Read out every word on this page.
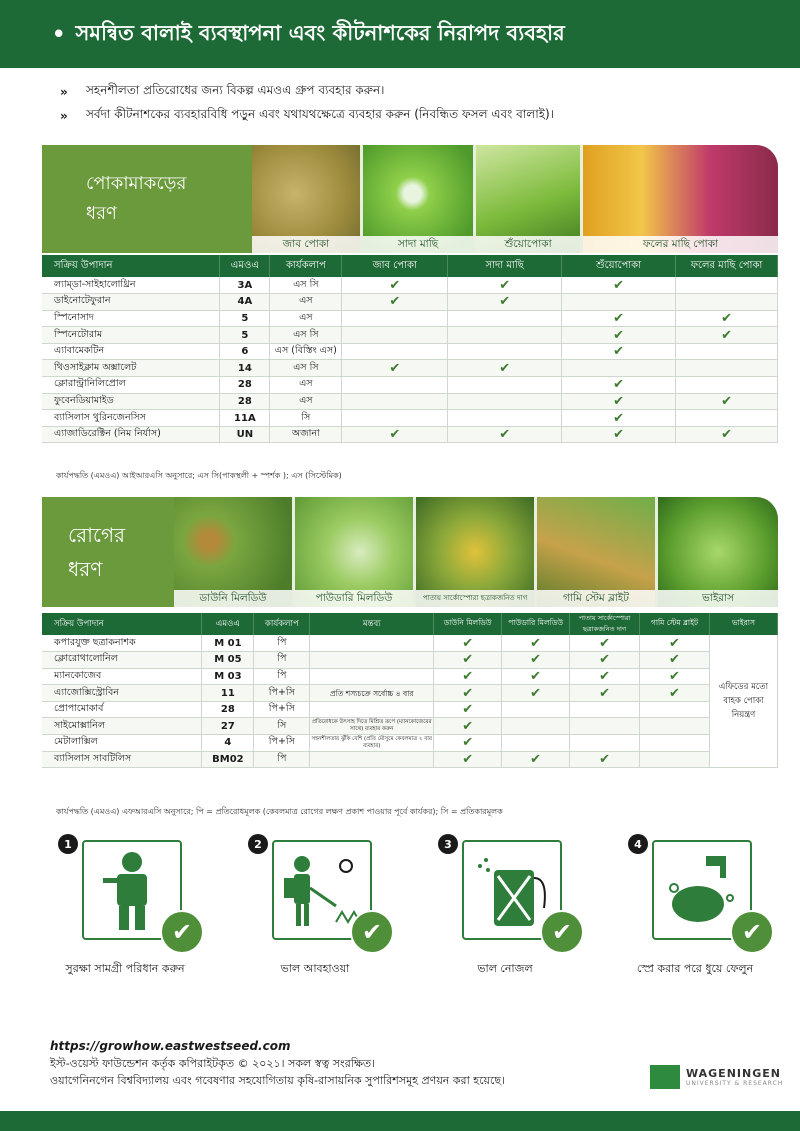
• সমন্বিত বালাই ব্যবস্থাপনা এবং কীটনাশকের নিরাপদ ব্যবহার
»	সহনশীলতা প্রতিরোধের জন্য বিকল্প এমওএ গ্রুপ ব্যবহার করুন।
»	সর্বদা কীটনাশকের ব্যবহারবিধি পড়ুন এবং যথাযথক্ষেত্রে ব্যবহার করুন (নিবন্ধিত ফসল এবং বালাই)।
পোকামাকড়ের
ধরণ
জাব পোকা	সাদা মাছি	শুঁয়োপোকা	ফলের মাছি পোকা
সক্রিয় উপাদান	এমওএ	কার্যকলাপ	জাব পোকা	সাদা মাছি	শুঁয়োপোকা	ফলের মাছি পোকা
ল্যাম্ডা-সাইহালোথ্রিন	3A	এস সি	✔	✔	✔	
ডাইনোটেফুরান	4A	এস	✔	✔		
স্পিনোসাদ	5	এস			✔	✔
স্পিনেটোরাম	5	এস সি			✔	✔
এ্যাবামেকটিন	6	এস (বিস্তিং এস)			✔	
থিওসাইক্লাম অক্সালেট	14	এস সি	✔	✔		
ক্লোরান্ট্রানিলিপ্রোল	28	এস			✔	
ফুবেনডিয়ামাইড	28	এস			✔	✔
ব্যাসিলাস থুরিনজেনসিস	11A	সি			✔	
এ্যাজাডিরেক্টিন (নিম নির্যাস)	UN	অজানা	✔	✔	✔	✔
কার্যপদ্ধতি (এমওএ) আইআরএসি অনুসারে; এস সি(পাকস্থলী + স্পর্শক ); এস (সিস্টেমিক)
রোগের
ধরণ
ডাউনি মিলডিউ	পাউডারি মিলডিউ	পাতায় সার্কোস্পোরা ছত্রাকজনিত দাগ	গামি স্টেম ব্লাইট	ভাইরাস
সক্রিয় উপাদান	এমওএ	কার্যকলাপ	মন্তব্য	ডাউনি মিলডিউ	পাউডারি মিলডিউ	পাতায় সার্কোস্পোরা ছত্রাকজনিত দাগ	গামি স্টেম ব্লাইট	ভাইরাস
কপারযুক্ত ছত্রাকনাশক	M 01	পি		✔	✔	✔	✔	এফিডের মতো বাহক পোকা নিয়ন্ত্রণ
ক্লোরোথালোনিল	M 05	পি		✔	✔	✔	✔	
ম্যানকোজেব	M 03	পি		✔	✔	✔	✔	
এ্যাজোক্সিস্ট্রোবিন	11	পি+সি	প্রতি শস্যচক্রে সর্বোচ্চ ৪ বার	✔	✔	✔	✔	
প্রোপামোকার্ব	28	পি+সি		✔				
সাইমোক্সানিল	27	সি	প্রতিরোধকে উৎসাহ দিতে মিশ্রিত রূপে (ম্যানকোজেবের সাথে) ব্যবহার করুন	✔				
মেটালাক্সিল	4	পি+সি	সহনশীলতার ঝুঁকি বেশি (প্রতি মৌসুমে কেবলমাত্র ২ বার ব্যবহার)	✔				
ব্যাসিলাস সাবটিলিস	BM02	পি		✔	✔	✔		
কার্যপদ্ধতি (এমওএ) এফআরএসি অনুসারে; পি = প্রতিরোধমূলক (কেবলমাত্র রোগের লক্ষণ প্রকাশ পাওয়ার পূর্বে কার্যকর); সি = প্রতিকারমূলক
1
✔
সুরক্ষা সামগ্রী পরিধান করুন
2
✔
ভাল আবহাওয়া
3
✔
ভাল নোজল
4
✔
স্প্রে করার পরে ধুয়ে ফেলুন
https://growhow.eastwestseed.com
ইস্ট-ওয়েস্ট ফাউন্ডেশন কর্তৃক কপিরাইটকৃত © ২০২১। সকল স্বত্ব সংরক্ষিত।
ওয়াগেনিনগেন বিশ্ববিদ্যালয় এবং গবেষণার সহযোগিতায় কৃষি-রাসায়নিক সুপারিশসমূহ প্রণয়ন করা হয়েছে।
WAGENINGEN
UNIVERSITY & RESEARCH
